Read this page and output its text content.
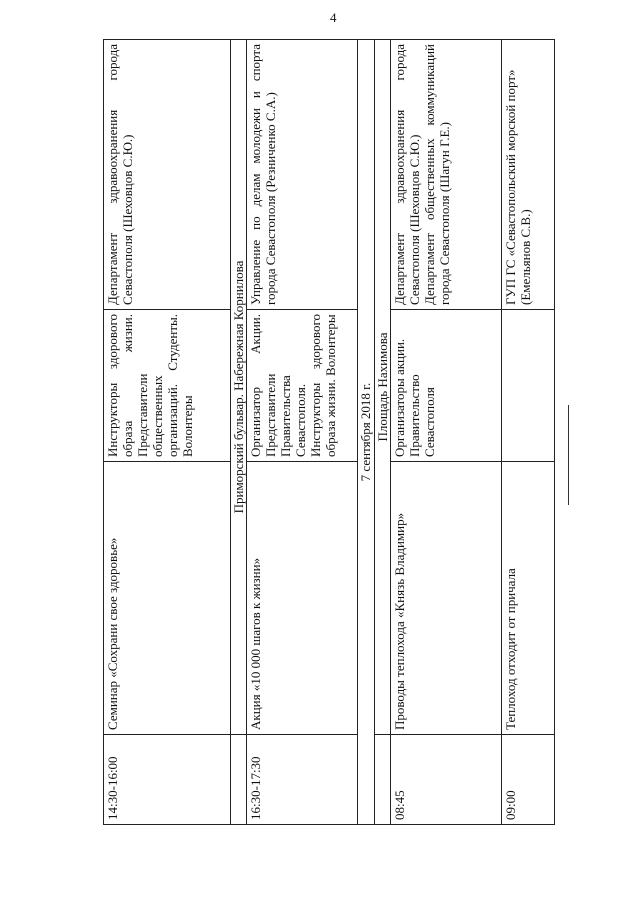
4
14:30-16:00	Семинар «Сохрани свое здоровье»	Инструкторы здорового образа жизни. Представители общественных организаций. Студенты. Волонтеры	Департамент здравоохранения города Севастополя (Шеховцов С.Ю.)
	Приморский бульвар. Набережная Корнилова		
16:30-17:30	Акция «10 000 шагов к жизни»	Организатор Акции. Представители Правительства Севастополя. Инструкторы здорового образа жизни. Волонтеры	Управление по делам молодежи и спорта города Севастополя (Резниченко С.А.)
7 сентября 2018 г.			
	Площадь Нахимова		
08:45	Проводы теплохода «Князь Владимир»	Организаторы акции. Правительство Севастополя	Департамент здравоохранения города Севастополя (Шеховцов С.Ю.) Департамент общественных коммуникаций города Севастополя (Шагун Г.Е.)

09:00	Теплоход отходит от причала		ГУП ГС «Севастопольский морской порт» (Емельянов С.В.)
